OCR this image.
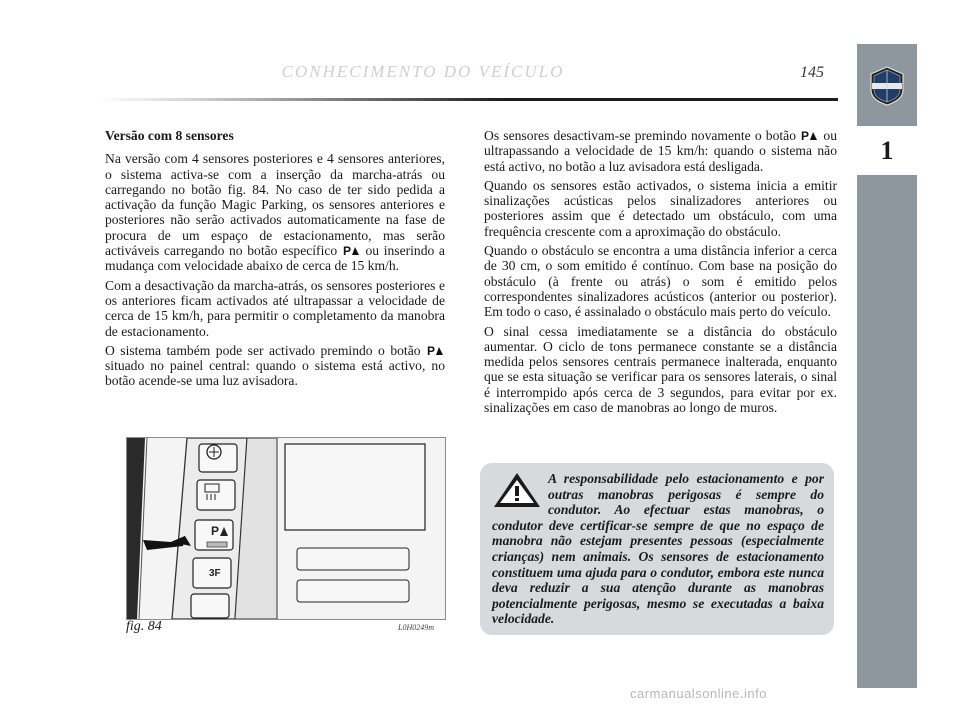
CONHECIMENTO DO VEÍCULO	145
1

Versão com 8 sensores

Na versão com 4 sensores posteriores e 4 sensores anteriores, o sistema activa-se com a inserção da marcha-atrás ou carregando no botão fig. 84. No caso de ter sido pedida a activação da função Magic Parking, os sensores anteriores e posteriores não serão activados automaticamente na fase de procura de um espaço de estacionamento, mas serão activáveis carregando no botão específico P ou inserindo a mudança com velocidade abaixo de cerca de 15 km/h.

Com a desactivação da marcha-atrás, os sensores posteriores e os anteriores ficam activados até ultrapassar a velocidade de cerca de 15 km/h, para permitir o completamento da manobra de estacionamento.

O sistema também pode ser activado premindo o botão P
situado no painel central: quando o sistema está activo, no botão acende-se uma luz avisadora.

P
3F
fig. 84	L0H0249m

Os sensores desactivam-se premindo novamente o botão P ou ultrapassando a velocidade de 15 km/h: quando o sistema não está activo, no botão a luz avisadora está desligada.

Quando os sensores estão activados, o sistema inicia a emitir sinalizações acústicas pelos sinalizadores anteriores ou posteriores assim que é detectado um obstáculo, com uma frequência crescente com a aproximação do obstáculo.

Quando o obstáculo se encontra a uma distância inferior a cerca de 30 cm, o som emitido é contínuo. Com base na posição do obstáculo (à frente ou atrás) o som é emitido pelos correspondentes sinalizadores acústicos (anterior ou posterior). Em todo o caso, é assinalado o obstáculo mais perto do veículo.

O sinal cessa imediatamente se a distância do obstáculo aumentar. O ciclo de tons permanece constante se a distância medida pelos sensores centrais permanece inalterada, enquanto que se esta situação se verificar para os sensores laterais, o sinal é interrompido após cerca de 3 segundos, para evitar por ex. sinalizações em caso de manobras ao longo de muros.

A responsabilidade pelo estacionamento e por outras manobras perigosas é sempre do condutor. Ao efectuar estas manobras, o condutor deve certificar-se sempre de que no espaço de manobra não estejam presentes pessoas (especialmente crianças) nem animais. Os sensores de estacionamento constituem uma ajuda para o condutor, embora este nunca deva reduzir a sua atenção durante as manobras potencialmente perigosas, mesmo se executadas a baixa velocidade.
carmanualsonline.info
